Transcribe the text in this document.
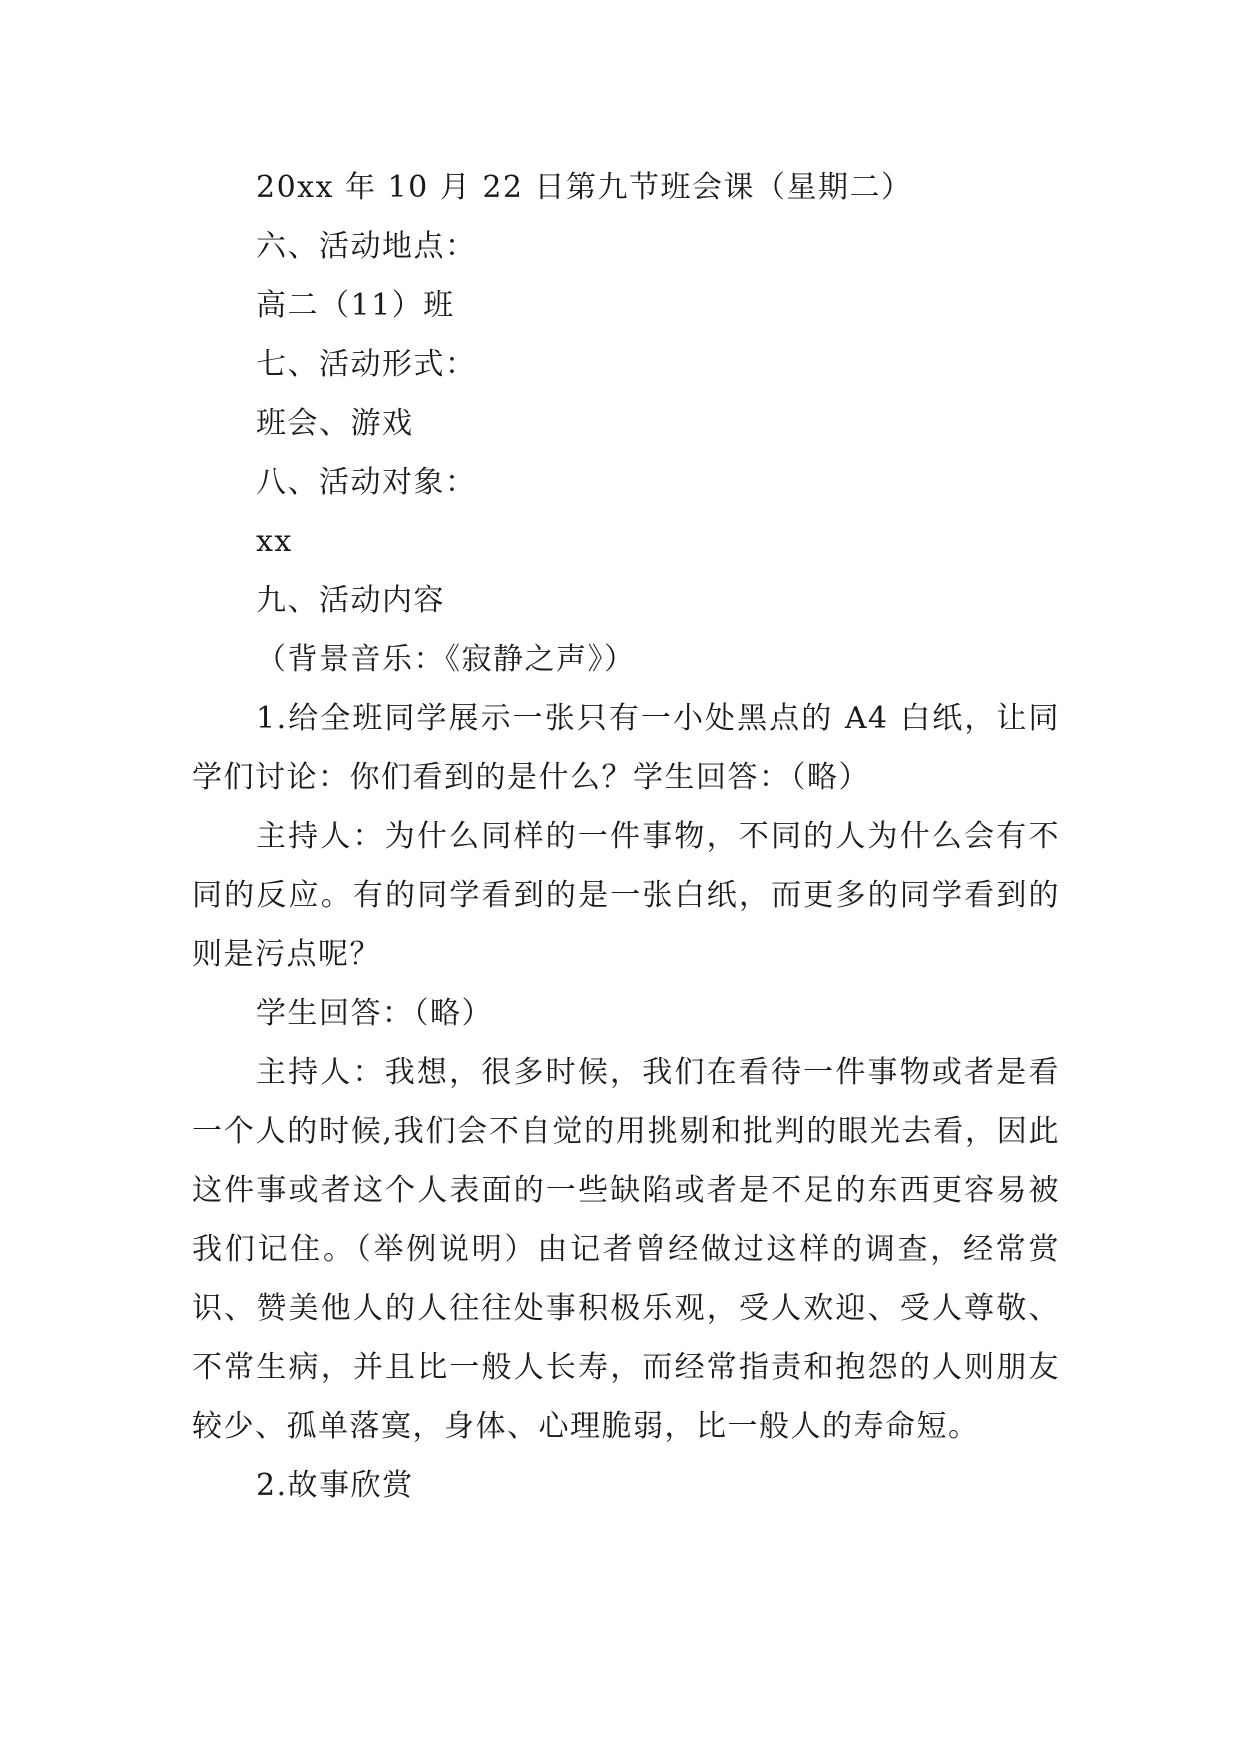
20xx 年 10 月 22 日第九节班会课（星期二）

六、活动地点：

高二（11）班

七、活动形式：

班会、游戏

八、活动对象：

xx

九、活动内容

（背景音乐：《寂静之声》）

1.给全班同学展示一张只有一小处黑点的 A4 白纸，让同学们讨论：你们看到的是什么？学生回答：（略）

主持人：为什么同样的一件事物，不同的人为什么会有不同的反应。有的同学看到的是一张白纸，而更多的同学看到的则是污点呢？

学生回答：（略）

主持人：我想，很多时候，我们在看待一件事物或者是看一个人的时候,我们会不自觉的用挑剔和批判的眼光去看，因此这件事或者这个人表面的一些缺陷或者是不足的东西更容易被我们记住。（举例说明）由记者曾经做过这样的调查，经常赏识、赞美他人的人往往处事积极乐观，受人欢迎、受人尊敬、不常生病，并且比一般人长寿，而经常指责和抱怨的人则朋友较少、孤单落寞，身体、心理脆弱，比一般人的寿命短。

2.故事欣赏
